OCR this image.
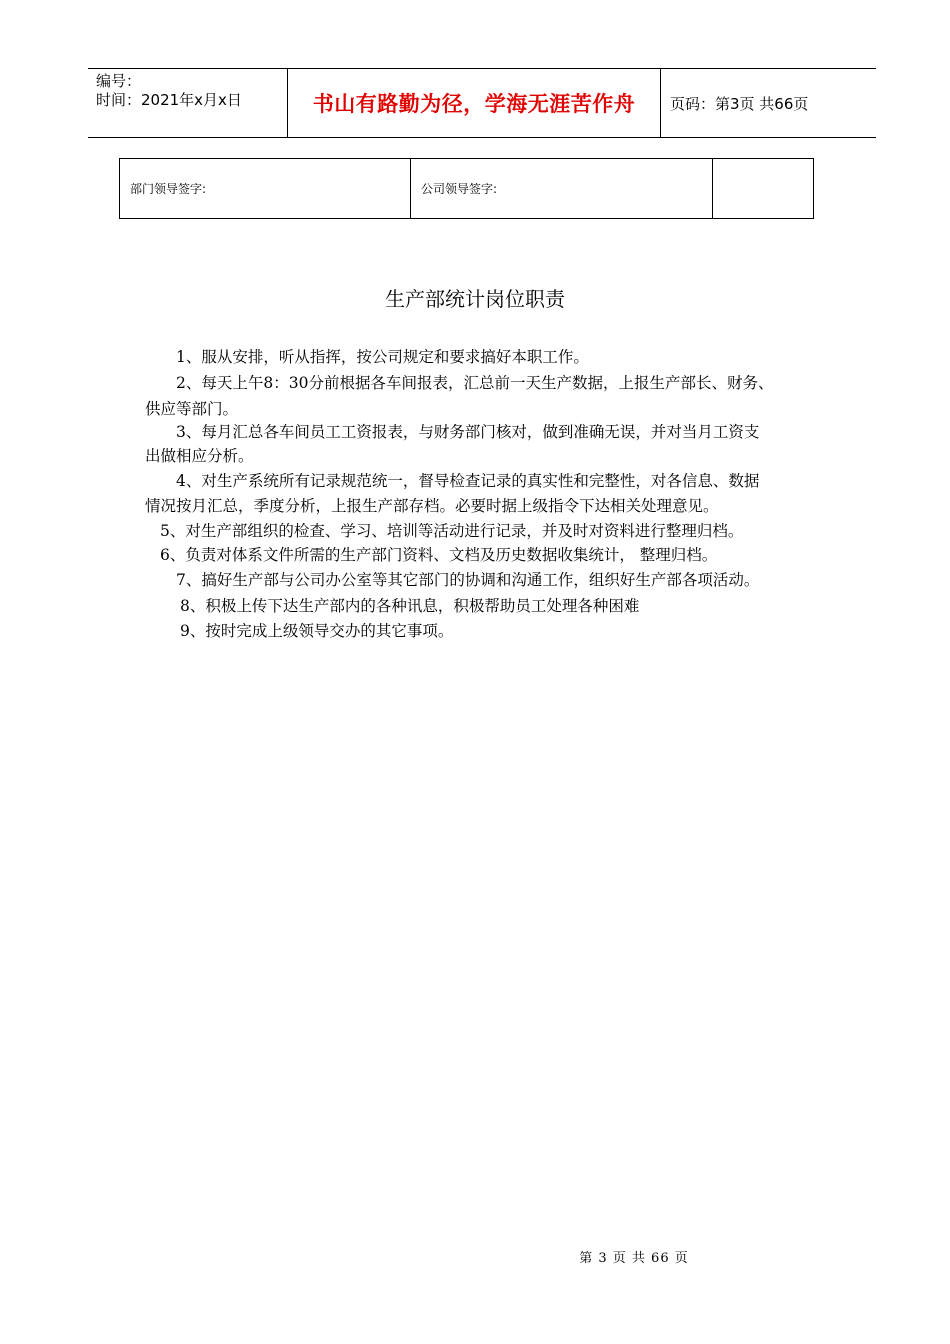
编号：
时间：2021年x月x日	书山有路勤为径，学海无涯苦作舟	页码：第3页 共66页
部门领导签字:	公司领导签字:
生产部统计岗位职责
1、服从安排，听从指挥，按公司规定和要求搞好本职工作。
2、每天上午8：30分前根据各车间报表，汇总前一天生产数据，上报生产部长、财务、
供应等部门。
3、每月汇总各车间员工工资报表，与财务部门核对，做到准确无误，并对当月工资支
出做相应分析。
4、对生产系统所有记录规范统一，督导检查记录的真实性和完整性，对各信息、数据
情况按月汇总，季度分析，上报生产部存档。必要时据上级指令下达相关处理意见。
5、对生产部组织的检查、学习、培训等活动进行记录，并及时对资料进行整理归档。
6、负责对体系文件所需的生产部门资料、文档及历史数据收集统计， 整理归档。
7、搞好生产部与公司办公室等其它部门的协调和沟通工作，组织好生产部各项活动。
8、积极上传下达生产部内的各种讯息，积极帮助员工处理各种困难
9、按时完成上级领导交办的其它事项。
第 3 页 共 66 页
